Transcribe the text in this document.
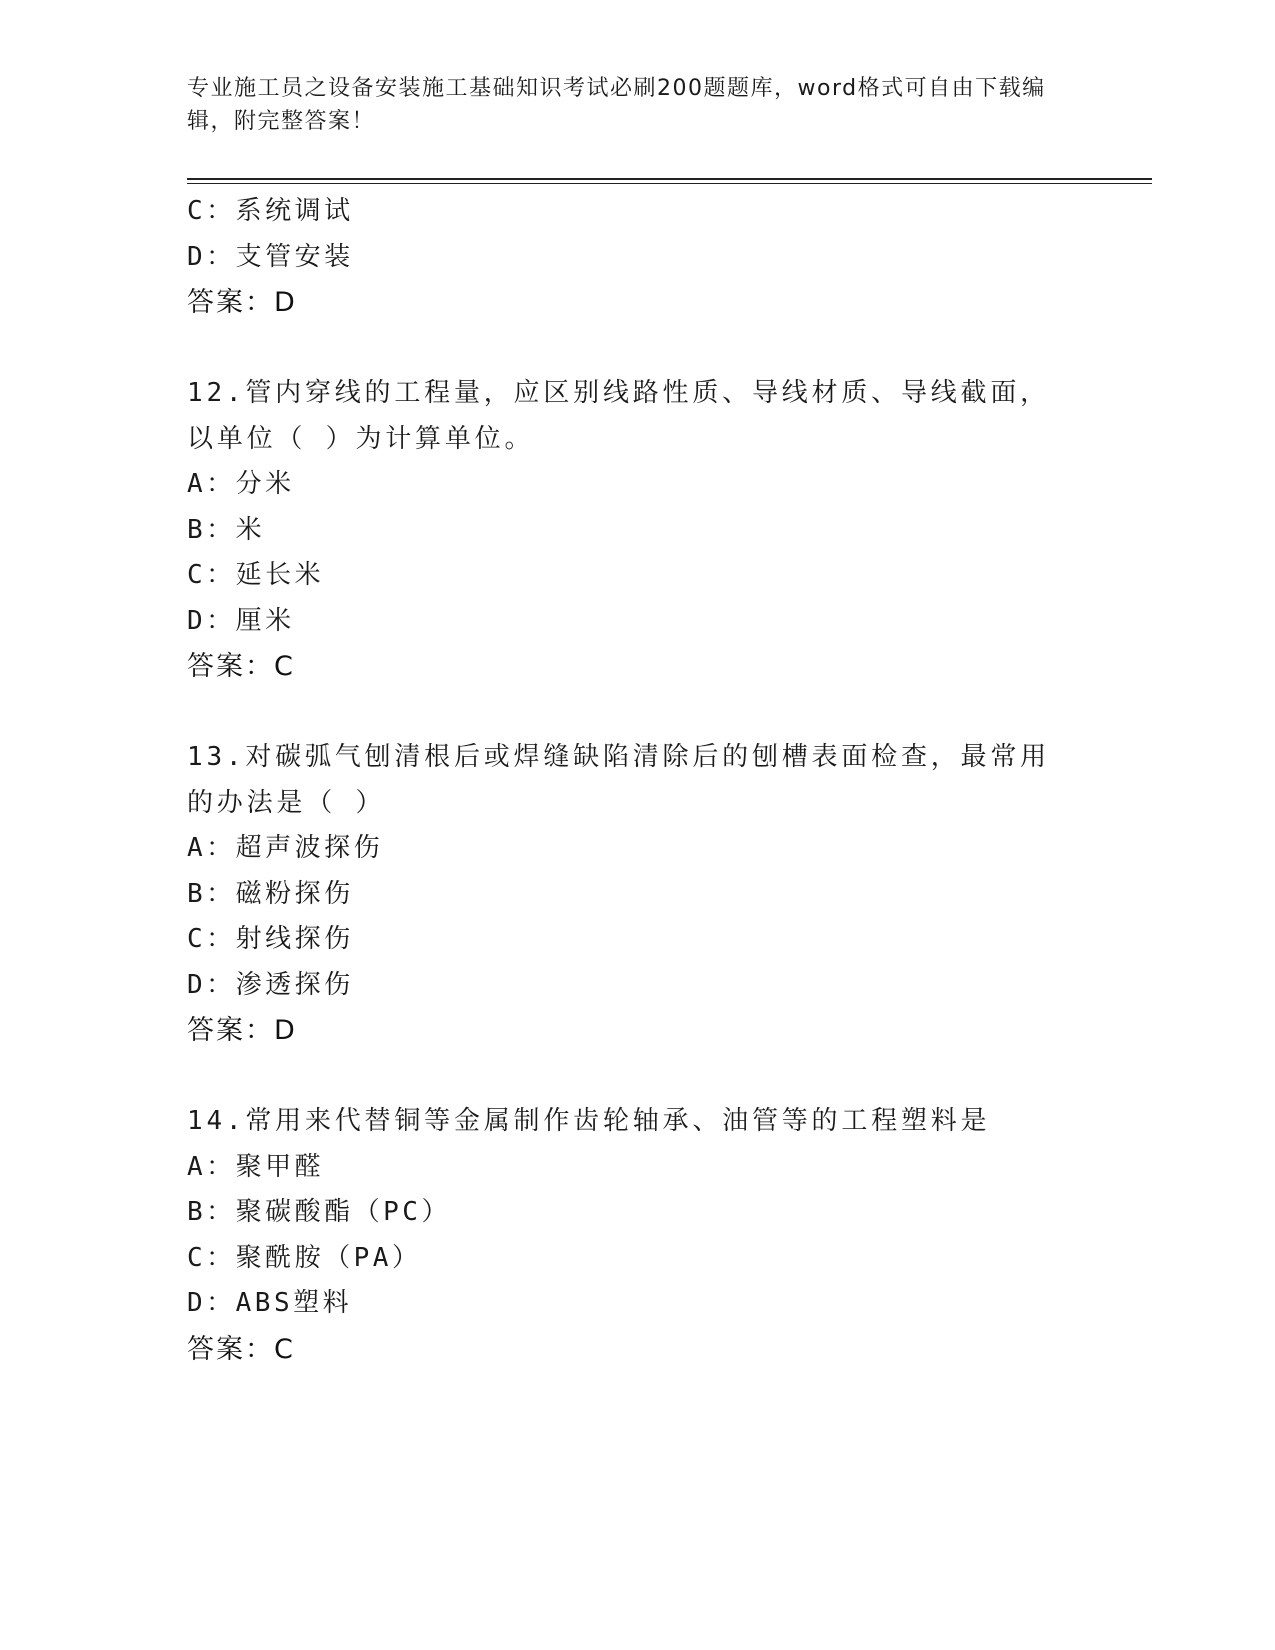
专业施工员之设备安装施工基础知识考试必刷200题题库，word格式可自由下载编辑，附完整答案！
C：系统调试
D：支管安装
答案：D
12.管内穿线的工程量，应区别线路性质、导线材质、导线截面，以单位（ ）为计算单位。
A：分米
B：米
C：延长米
D：厘米
答案：C
13.对碳弧气刨清根后或焊缝缺陷清除后的刨槽表面检查，最常用的办法是（ ）
A：超声波探伤
B：磁粉探伤
C：射线探伤
D：渗透探伤
答案：D
14.常用来代替铜等金属制作齿轮轴承、油管等的工程塑料是
A：聚甲醛
B：聚碳酸酯（PC）
C：聚酰胺（PA）
D：ABS塑料
答案：C
